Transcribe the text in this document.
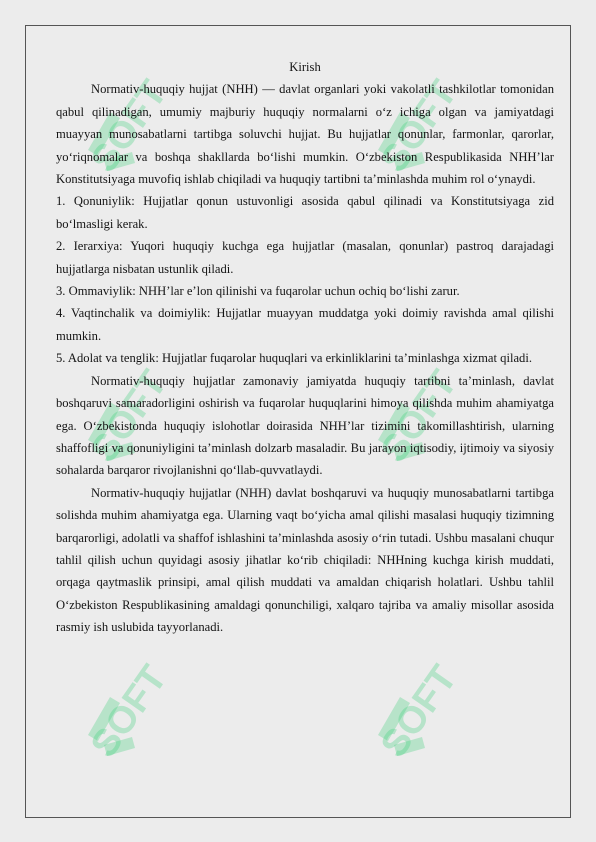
SOFT	SOFT
SOFT	SOFT
SOFT	SOFT

Kirish

Normativ-huquqiy hujjat (NHH) — davlat organlari yoki vakolatli tashkilotlar tomonidan qabul qilinadigan, umumiy majburiy huquqiy normalarni o‘z ichiga olgan va jamiyatdagi muayyan munosabatlarni tartibga soluvchi hujjat. Bu hujjatlar qonunlar, farmonlar, qarorlar, yo‘riqnomalar va boshqa shakllarda bo‘lishi mumkin. O‘zbekiston Respublikasida NHH’lar Konstitutsiyaga muvofiq ishlab chiqiladi va huquqiy tartibni ta’minlashda muhim rol o‘ynaydi.

1. Qonuniylik: Hujjatlar qonun ustuvonligi asosida qabul qilinadi va Konstitutsiyaga zid bo‘lmasligi kerak.

2. Ierarxiya: Yuqori huquqiy kuchga ega hujjatlar (masalan, qonunlar) pastroq darajadagi hujjatlarga nisbatan ustunlik qiladi.

3. Ommaviylik: NHH’lar e’lon qilinishi va fuqarolar uchun ochiq bo‘lishi zarur.

4. Vaqtinchalik va doimiylik: Hujjatlar muayyan muddatga yoki doimiy ravishda amal qilishi mumkin.

5. Adolat va tenglik: Hujjatlar fuqarolar huquqlari va erkinliklarini ta’minlashga xizmat qiladi.

Normativ-huquqiy hujjatlar zamonaviy jamiyatda huquqiy tartibni ta’minlash, davlat boshqaruvi samaradorligini oshirish va fuqarolar huquqlarini himoya qilishda muhim ahamiyatga ega. O‘zbekistonda huquqiy islohotlar doirasida NHH’lar tizimini takomillashtirish, ularning shaffofligi va qonuniyligini ta’minlash dolzarb masaladir. Bu jarayon iqtisodiy, ijtimoiy va siyosiy sohalarda barqaror rivojlanishni qo‘llab-quvvatlaydi.

Normativ-huquqiy hujjatlar (NHH) davlat boshqaruvi va huquqiy munosabatlarni tartibga solishda muhim ahamiyatga ega. Ularning vaqt bo‘yicha amal qilishi masalasi huquqiy tizimning barqarorligi, adolatli va shaffof ishlashini ta’minlashda asosiy o‘rin tutadi. Ushbu masalani chuqur tahlil qilish uchun quyidagi asosiy jihatlar ko‘rib chiqiladi: NHHning kuchga kirish muddati, orqaga qaytmaslik prinsipi, amal qilish muddati va amaldan chiqarish holatlari. Ushbu tahlil O‘zbekiston Respublikasining amaldagi qonunchiligi, xalqaro tajriba va amaliy misollar asosida rasmiy ish uslubida tayyorlanadi.
